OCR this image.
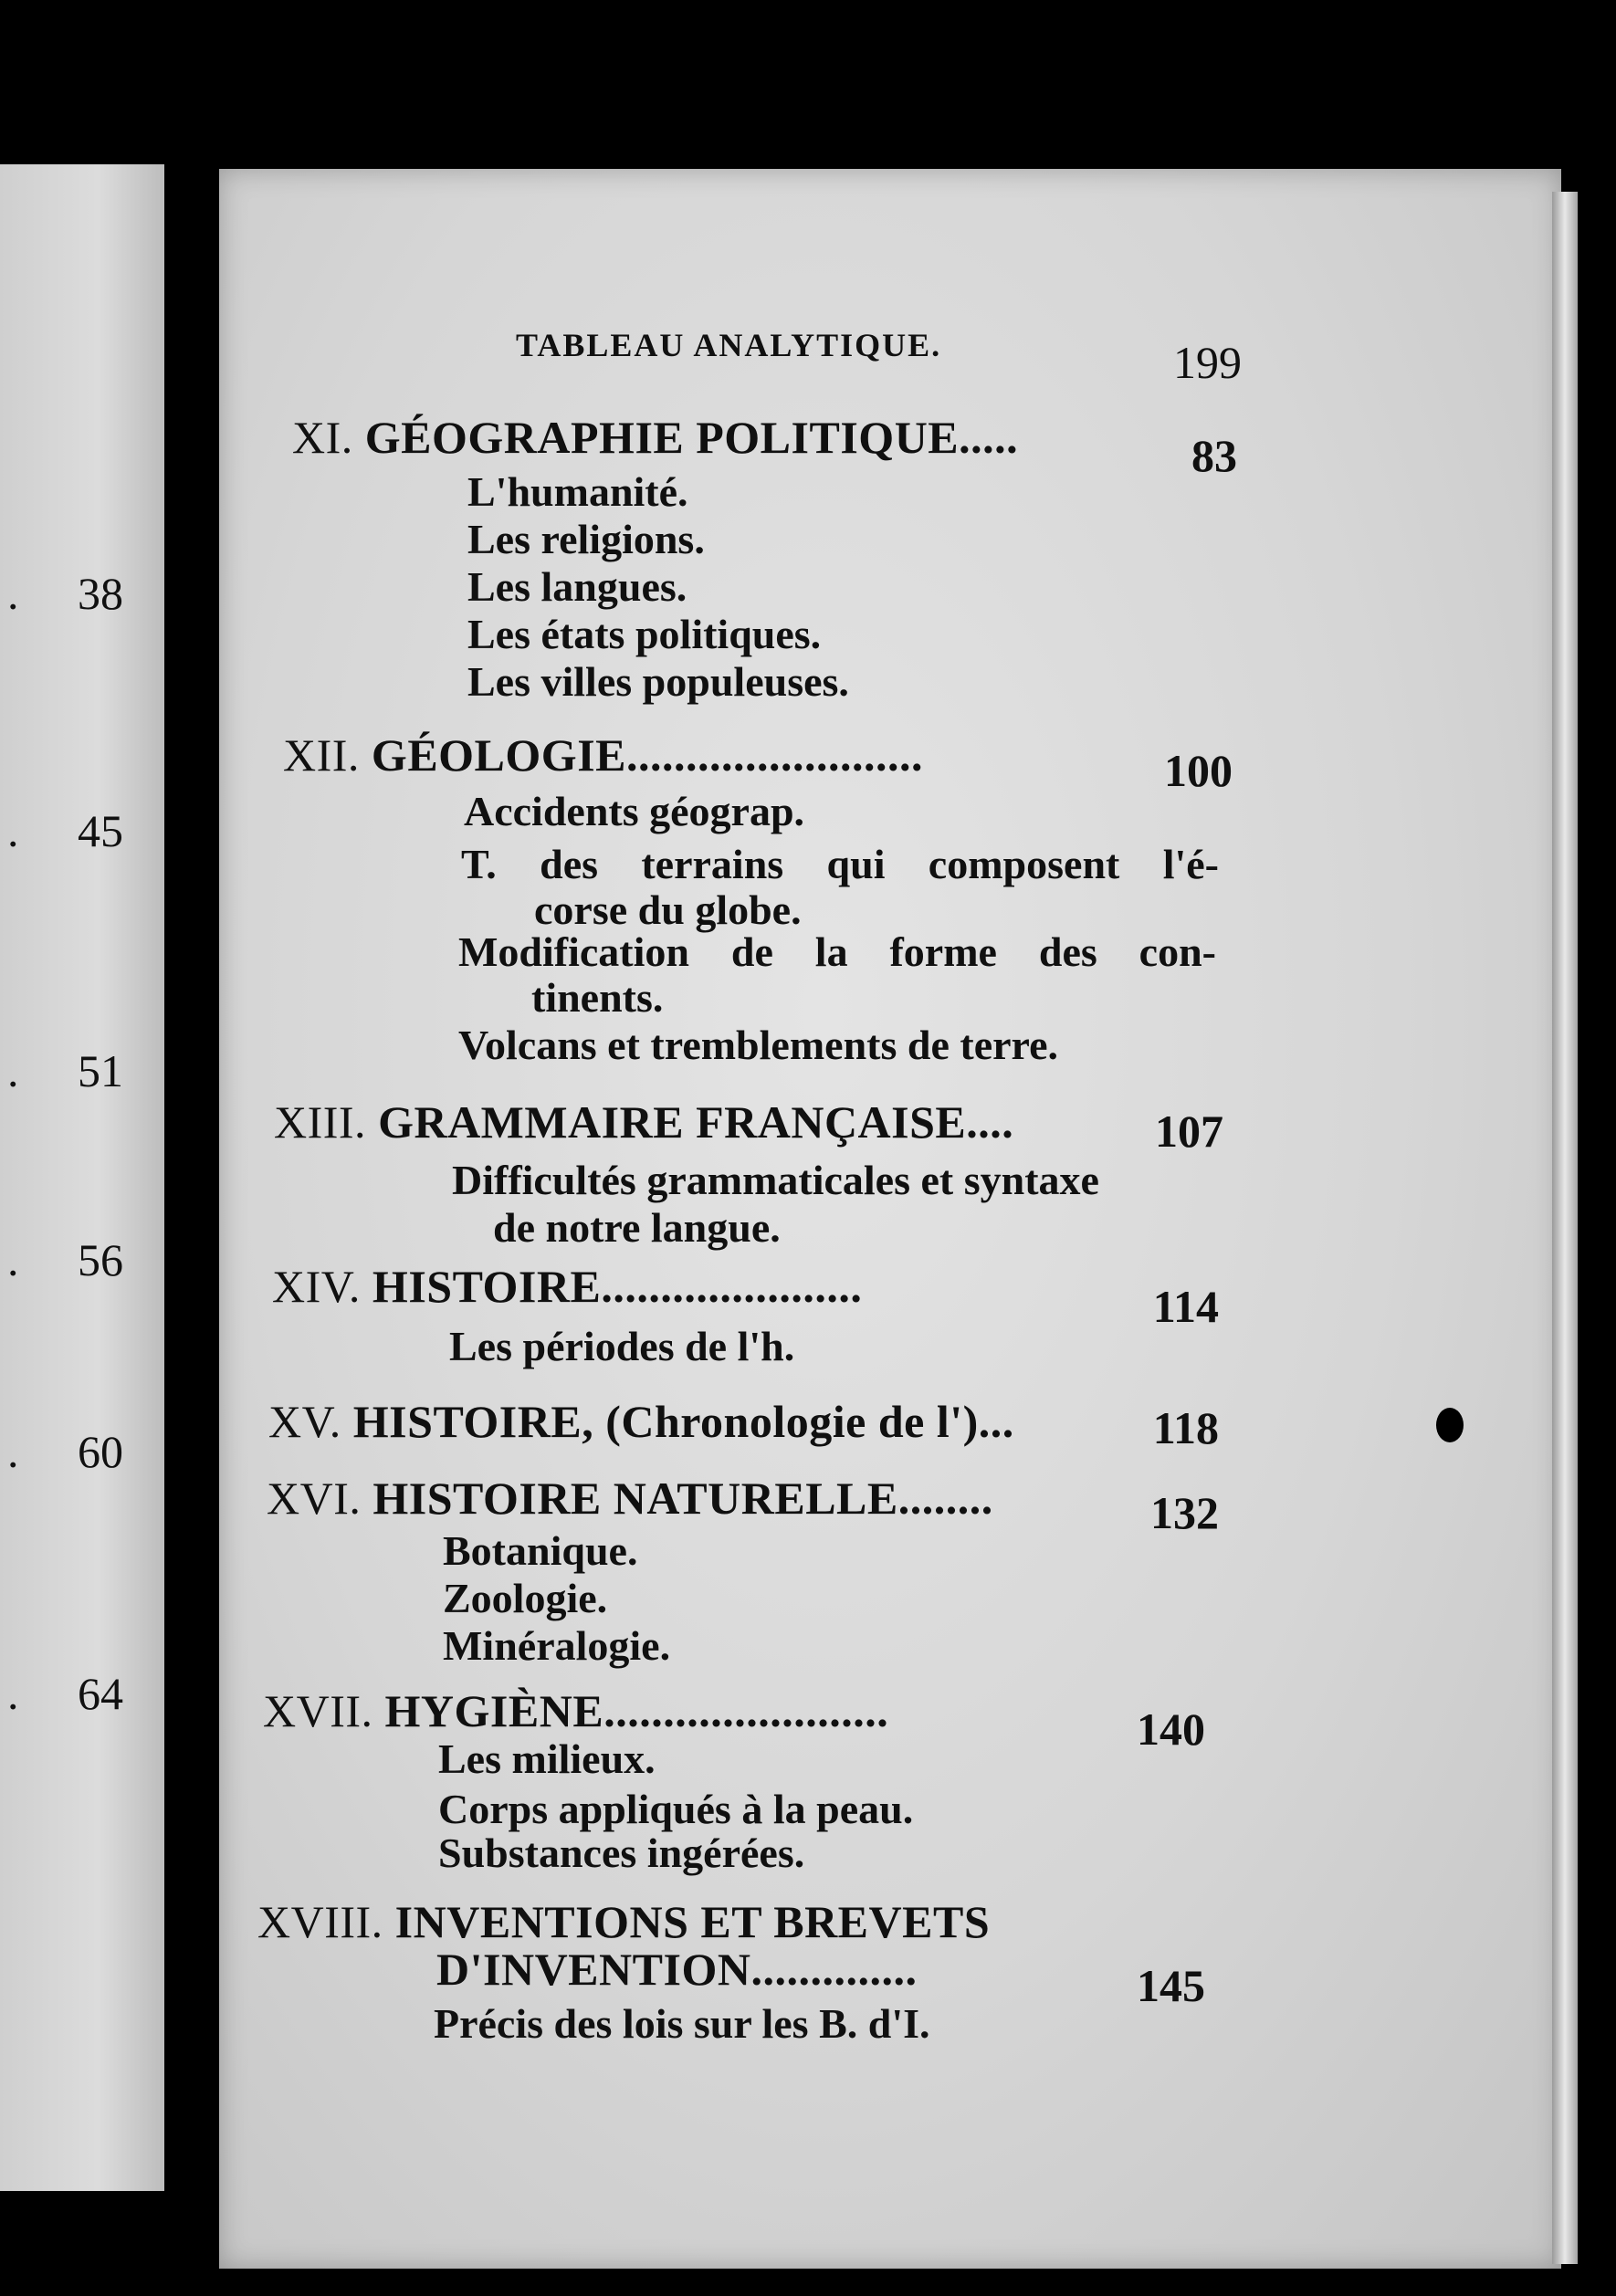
. 38
. 45
. 51
. 56
. 60
. 64
TABLEAU ANALYTIQUE.	199
XI. GÉOGRAPHIE POLITIQUE.....	83
L'humanité.
Les religions.
Les langues.
Les états politiques.
Les villes populeuses.
XII. GÉOLOGIE.........................	100
Accidents géograp.
T. des terrains qui composent l'é-
corse du globe.
Modification de la forme des con-
tinents.
Volcans et tremblements de terre.
XIII. GRAMMAIRE FRANÇAISE....	107
Difficultés grammaticales et syntaxe
de notre langue.
XIV. HISTOIRE......................	114
Les périodes de l'h.
XV. HISTOIRE, (Chronologie de l')...	118
XVI. HISTOIRE NATURELLE........	132
Botanique.
Zoologie.
Minéralogie.
XVII. HYGIÈNE........................	140
Les milieux.
Corps appliqués à la peau.
Substances ingérées.
XVIII. INVENTIONS ET BREVETS
D'INVENTION..............	145
Précis des lois sur les B. d'I.
